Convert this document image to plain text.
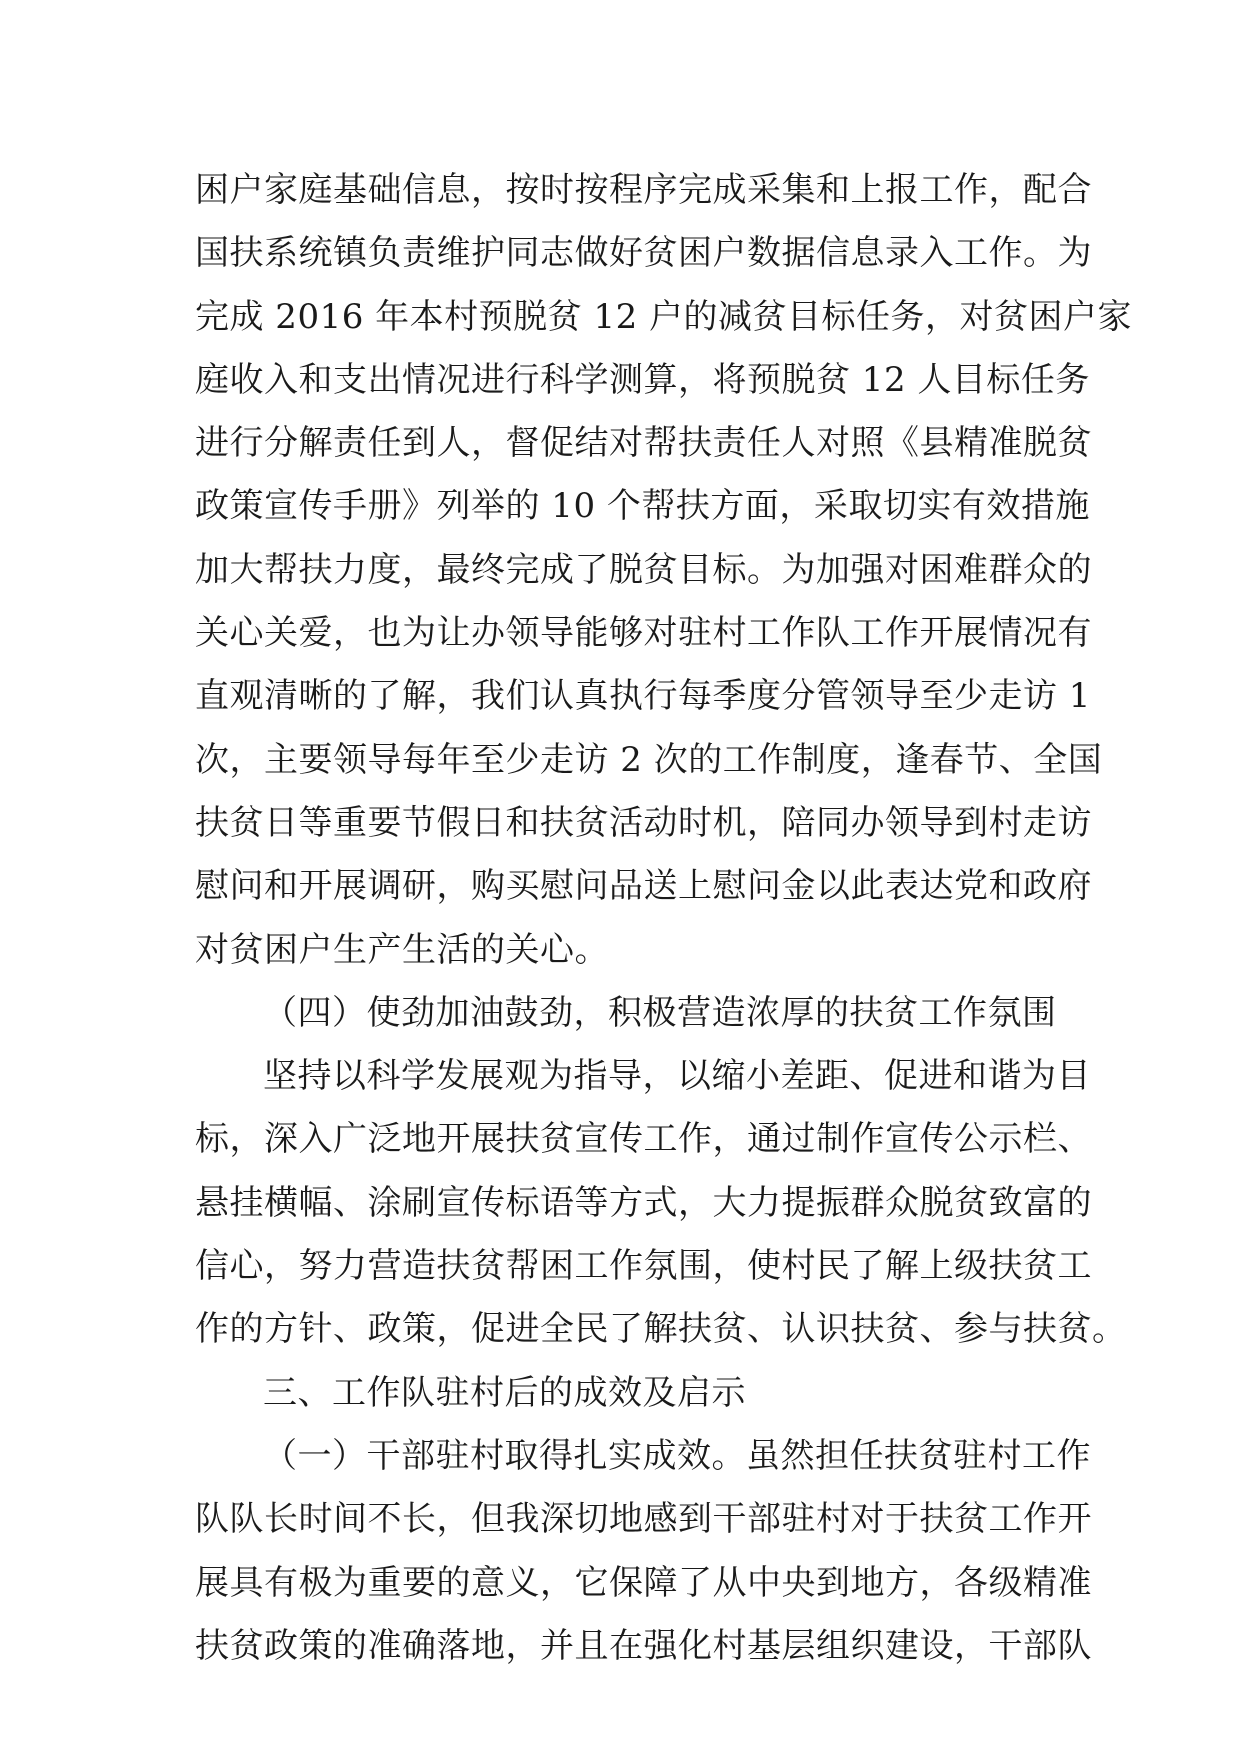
困户家庭基础信息，按时按程序完成采集和上报工作，配合
国扶系统镇负责维护同志做好贫困户数据信息录入工作。为
完成 2016 年本村预脱贫 12 户的减贫目标任务，对贫困户家
庭收入和支出情况进行科学测算，将预脱贫 12 人目标任务
进行分解责任到人，督促结对帮扶责任人对照《县精准脱贫
政策宣传手册》列举的 10 个帮扶方面，采取切实有效措施
加大帮扶力度，最终完成了脱贫目标。为加强对困难群众的
关心关爱，也为让办领导能够对驻村工作队工作开展情况有
直观清晰的了解，我们认真执行每季度分管领导至少走访 1
次，主要领导每年至少走访 2 次的工作制度，逢春节、全国
扶贫日等重要节假日和扶贫活动时机，陪同办领导到村走访
慰问和开展调研，购买慰问品送上慰问金以此表达党和政府
对贫困户生产生活的关心。
（四）使劲加油鼓劲，积极营造浓厚的扶贫工作氛围
坚持以科学发展观为指导，以缩小差距、促进和谐为目
标，深入广泛地开展扶贫宣传工作，通过制作宣传公示栏、
悬挂横幅、涂刷宣传标语等方式，大力提振群众脱贫致富的
信心，努力营造扶贫帮困工作氛围，使村民了解上级扶贫工
作的方针、政策，促进全民了解扶贫、认识扶贫、参与扶贫。
三、工作队驻村后的成效及启示
（一）干部驻村取得扎实成效。虽然担任扶贫驻村工作
队队长时间不长，但我深切地感到干部驻村对于扶贫工作开
展具有极为重要的意义，它保障了从中央到地方，各级精准
扶贫政策的准确落地，并且在强化村基层组织建设，干部队
